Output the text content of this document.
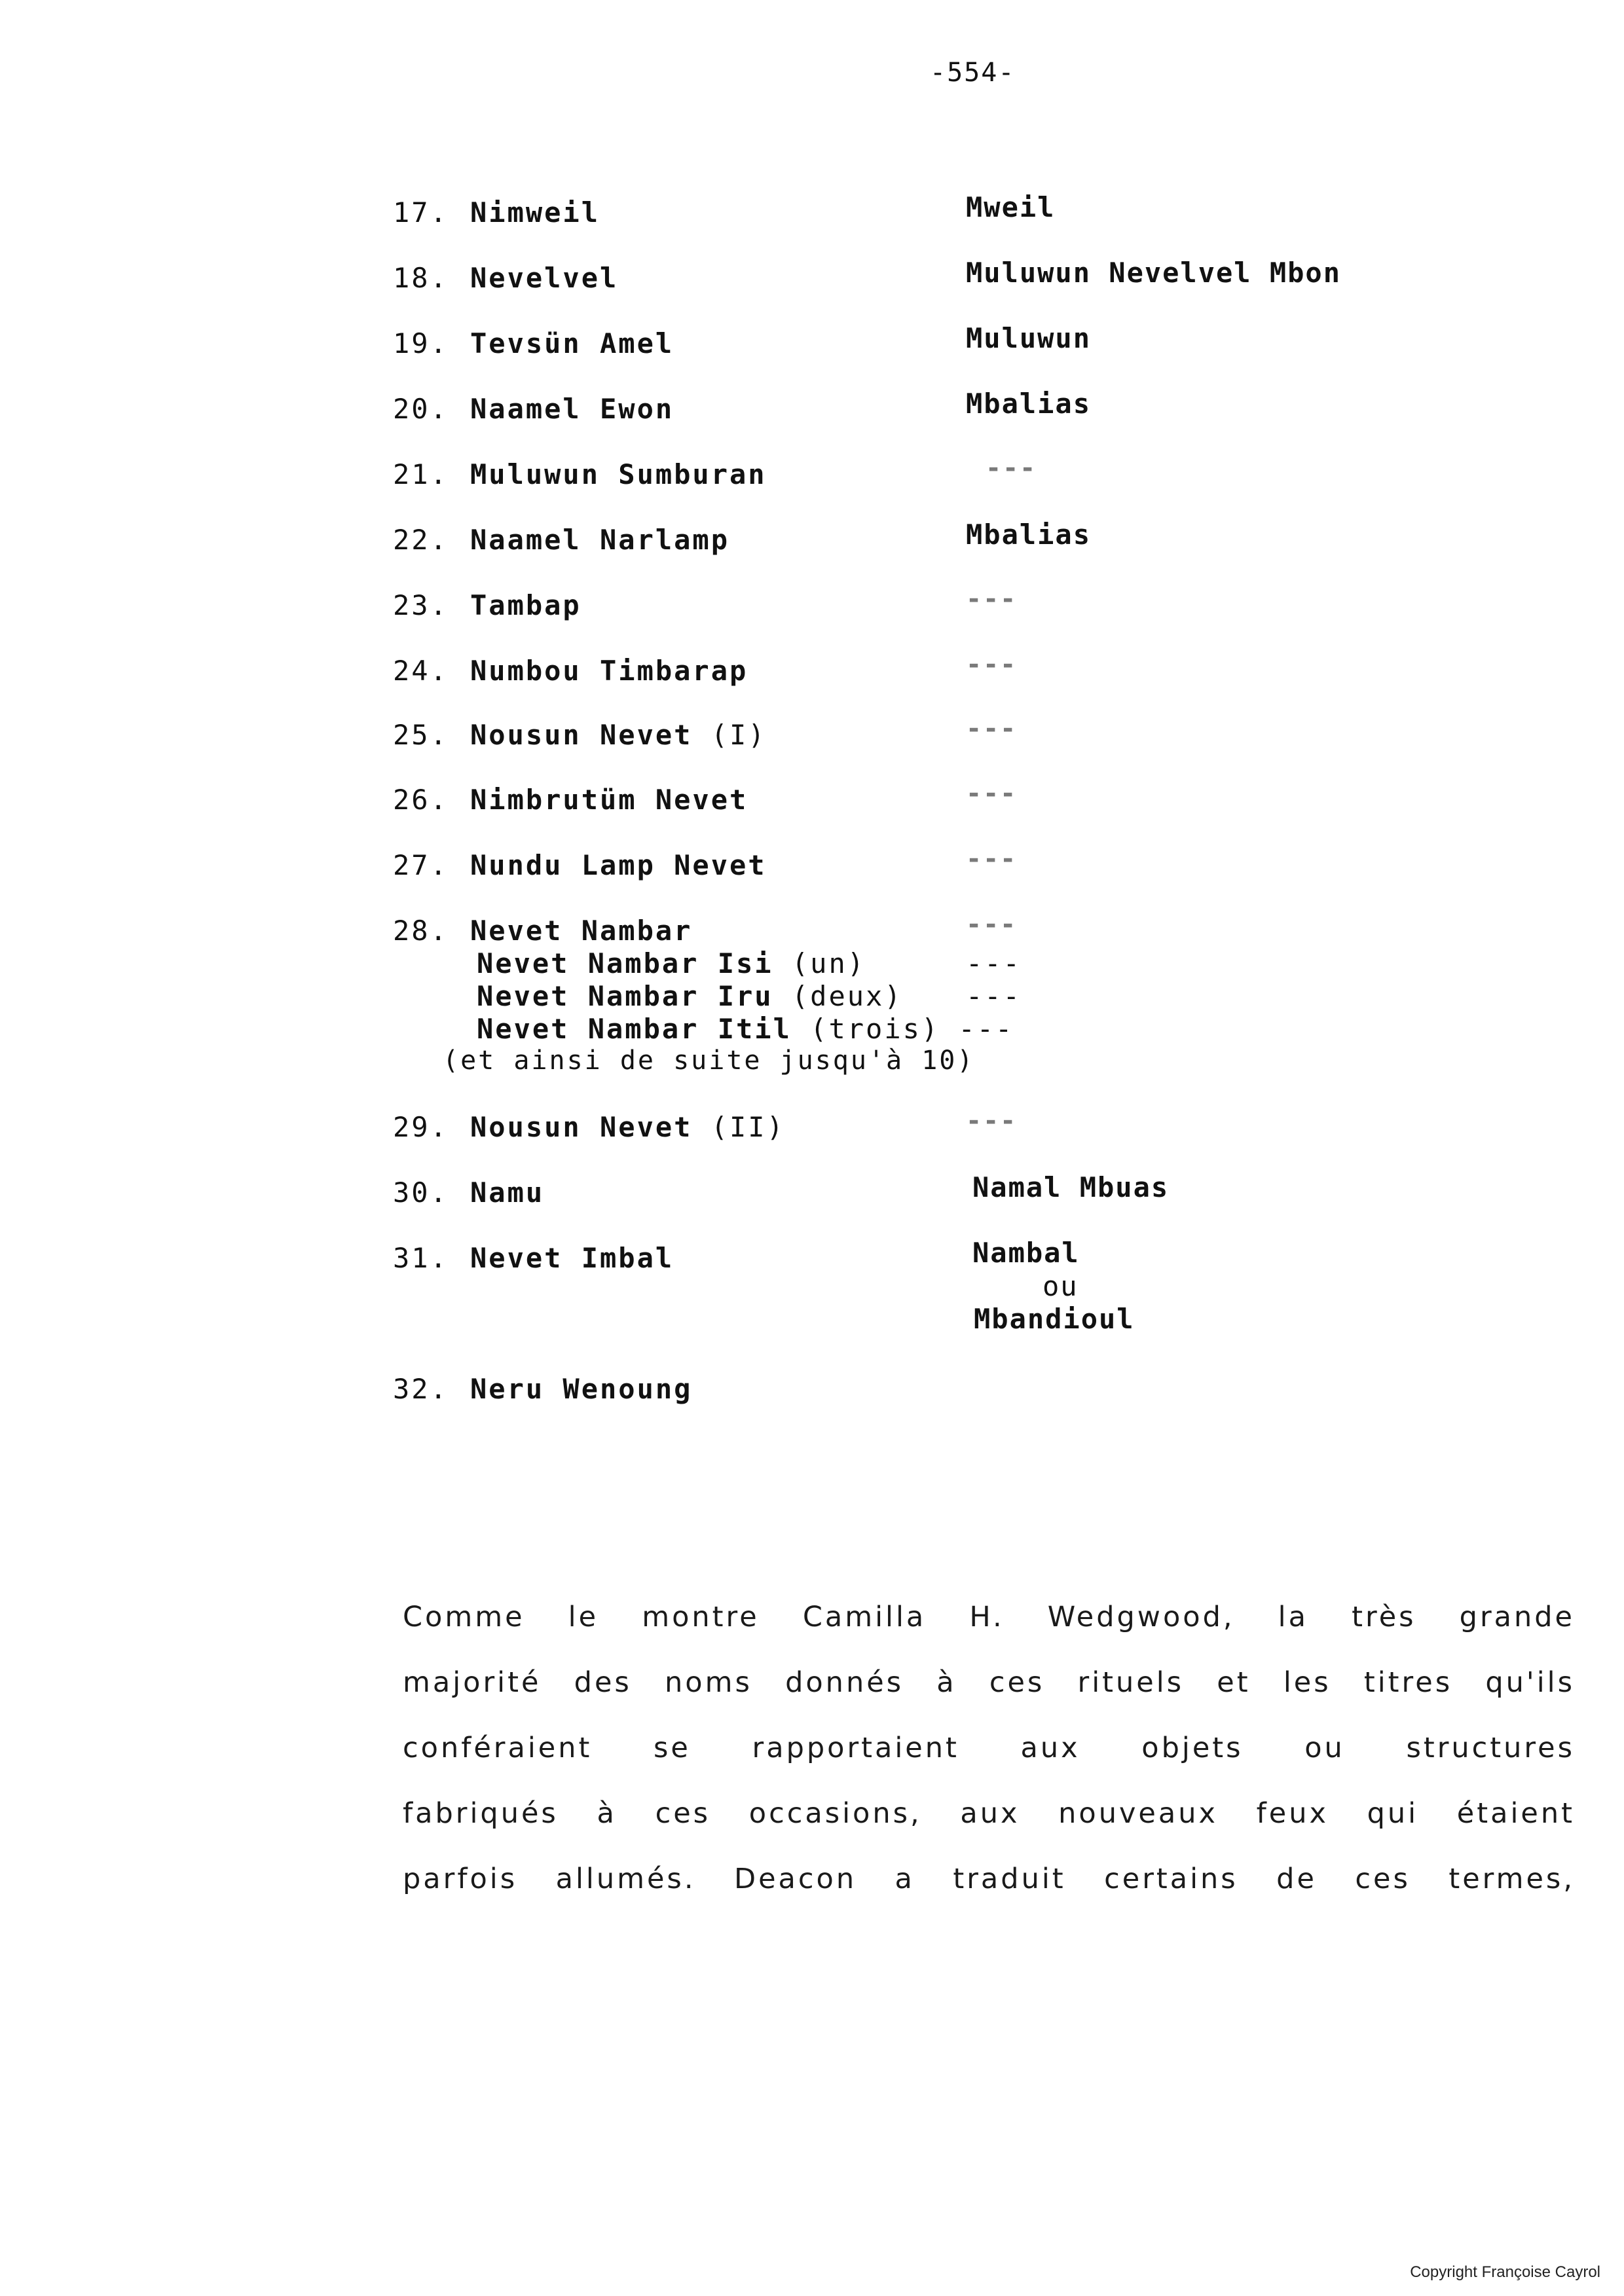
-554-
17. Nimweil	Mweil
18. Nevelvel	Muluwun Nevelvel Mbon
19. Tevsün Amel	Muluwun
20. Naamel Ewon	Mbalias
21. Muluwun Sumburan	---
22. Naamel Narlamp	Mbalias
23. Tambap	---
24. Numbou Timbarap	---
25. Nousun Nevet (I)	---
26. Nimbrutüm Nevet	---
27. Nundu Lamp Nevet	---
28. Nevet Nambar	---
Nevet Nambar Isi (un)	---
Nevet Nambar Iru (deux) ---
Nevet Nambar Itil (trois) ---
(et ainsi de suite jusqu'à 10)
29. Nousun Nevet (II)	---
30. Namu	Namal Mbuas
31. Nevet Imbal	Nambal
ou
Mbandioul
32. Neru Wenoung
Comme le montre Camilla H. Wedgwood, la très grande
majorité des noms donnés à ces rituels et les titres qu'ils
conféraient se rapportaient aux objets ou structures
fabriqués à ces occasions, aux nouveaux feux qui étaient
parfois allumés. Deacon a traduit certains de ces termes,
Copyright Françoise Cayrol
